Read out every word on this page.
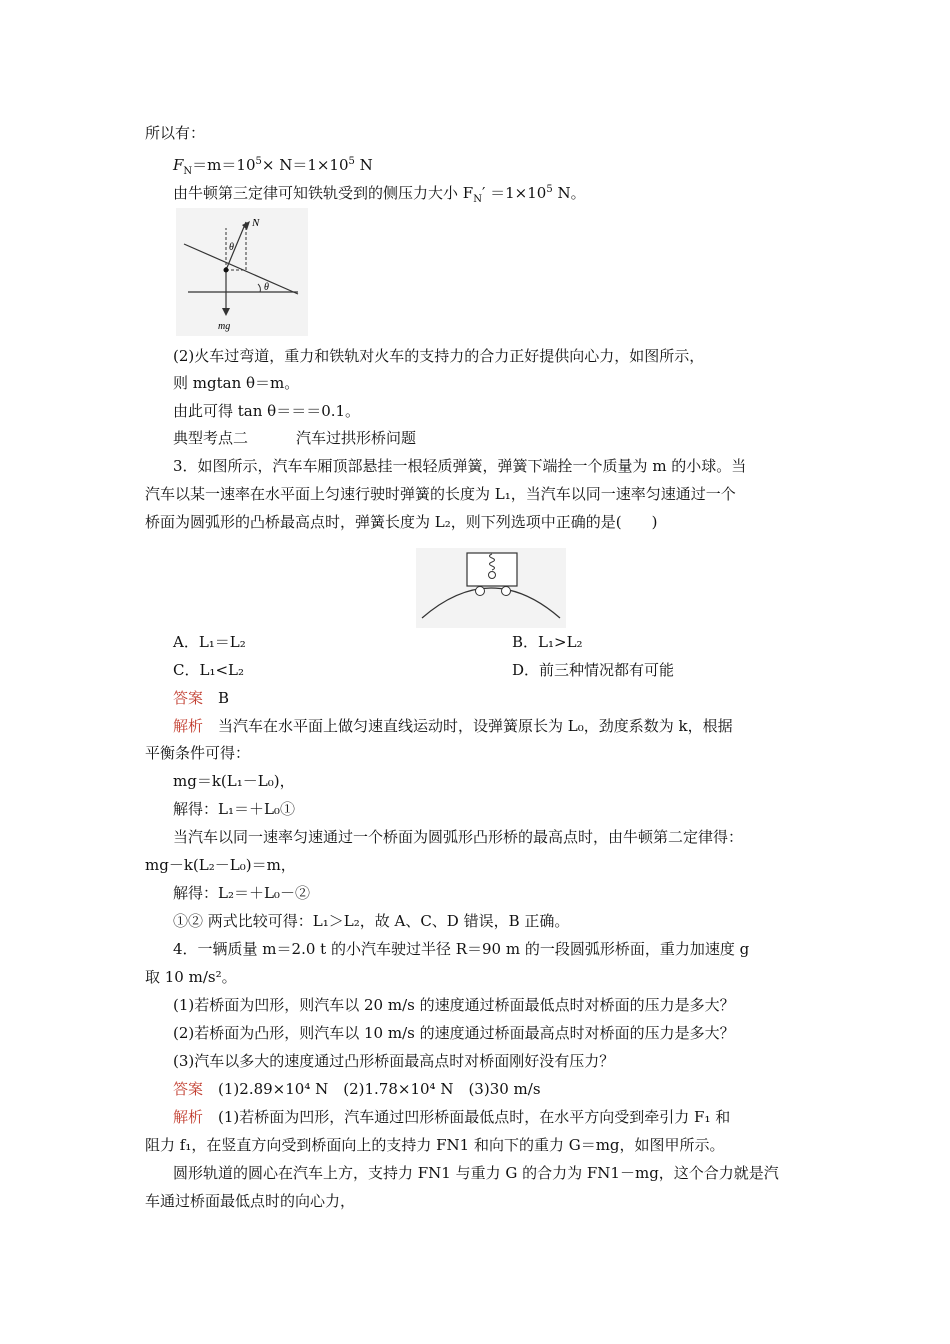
所以有：
$F_N=m=10^5\times N=1\times 10^5$ N
由牛顿第三定律可知铁轨受到的侧压力大小 $F_N' =1\times 10^5$ N。
N
θ
θ
mg
(2)火车过弯道，重力和铁轨对火车的支持力的合力正好提供向心力，如图所示，
则 mgtan θ＝m。
由此可得 tan θ＝＝＝0.1。
典型考点二	汽车过拱形桥问题
3．如图所示，汽车车厢顶部悬挂一根轻质弹簧，弹簧下端拴一个质量为 m 的小球。当
汽车以某一速率在水平面上匀速行驶时弹簧的长度为 L₁，当汽车以同一速率匀速通过一个
桥面为圆弧形的凸桥最高点时，弹簧长度为 L₂，则下列选项中正确的是(　　)
A．L₁＝L₂	B．L₁>L₂
C．L₁<L₂	D．前三种情况都有可能
答案　 B
解析　 当汽车在水平面上做匀速直线运动时，设弹簧原长为 L₀，劲度系数为 k，根据
平衡条件可得：
mg＝k(L₁－L₀)，
解得：L₁＝＋L₀①
当汽车以同一速率匀速通过一个桥面为圆弧形凸形桥的最高点时，由牛顿第二定律得：
mg－k(L₂－L₀)＝m，
解得：L₂＝＋L₀－②
①② 两式比较可得：L₁＞L₂，故 A、C、D 错误，B 正确。
4．一辆质量 m＝2.0 t 的小汽车驶过半径 R＝90 m 的一段圆弧形桥面，重力加速度 g
取 10 m/s²。
(1)若桥面为凹形，则汽车以 20 m/s 的速度通过桥面最低点时对桥面的压力是多大？
(2)若桥面为凸形，则汽车以 10 m/s 的速度通过桥面最高点时对桥面的压力是多大？
(3)汽车以多大的速度通过凸形桥面最高点时对桥面刚好没有压力？
答案　 (1)2.89×10⁴ N　(2)1.78×10⁴ N　(3)30 m/s
解析　 (1)若桥面为凹形，汽车通过凹形桥面最低点时，在水平方向受到牵引力 F₁ 和
阻力 f₁，在竖直方向受到桥面向上的支持力 FN1 和向下的重力 G＝mg，如图甲所示。
圆形轨道的圆心在汽车上方，支持力 FN1 与重力 G 的合力为 FN1－mg，这个合力就是汽
车通过桥面最低点时的向心力，
